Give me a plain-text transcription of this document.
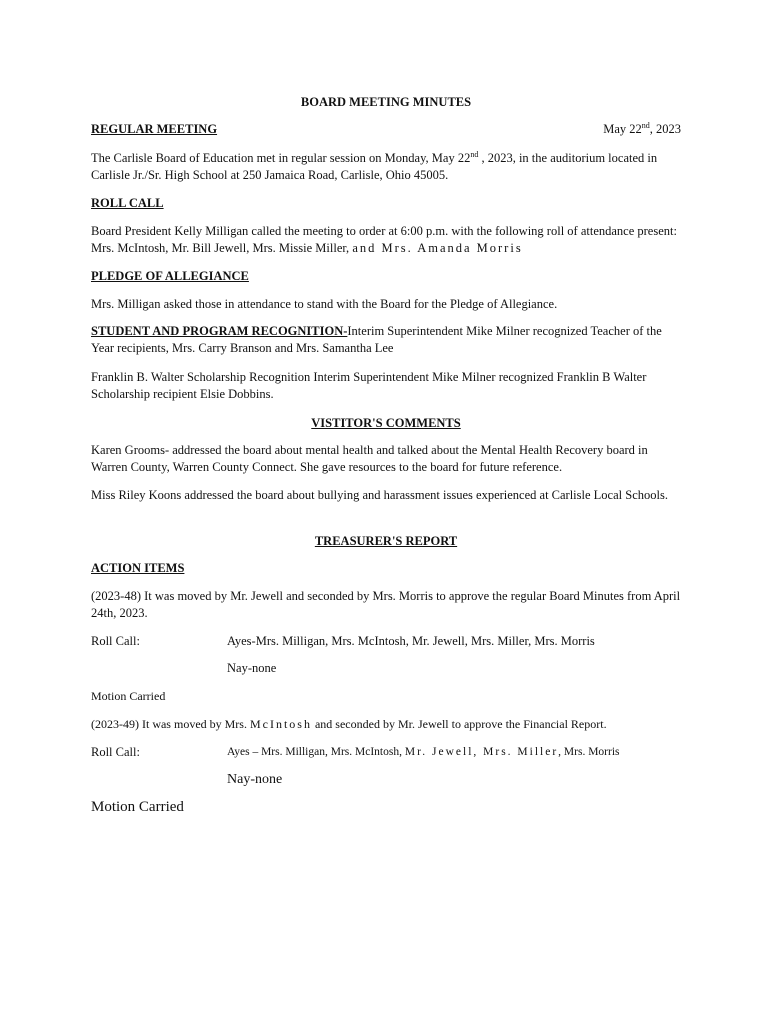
BOARD MEETING MINUTES
REGULAR MEETING	May 22nd, 2023
The Carlisle Board of Education met in regular session on Monday, May 22nd , 2023, in the auditorium located in Carlisle Jr./Sr. High School at 250 Jamaica Road, Carlisle, Ohio 45005.
ROLL CALL
Board President Kelly Milligan called the meeting to order at 6:00 p.m. with the following roll of attendance present: Mrs. McIntosh, Mr. Bill Jewell, Mrs. Missie Miller, and Mrs. Amanda Morris
PLEDGE OF ALLEGIANCE
Mrs. Milligan asked those in attendance to stand with the Board for the Pledge of Allegiance.
STUDENT AND PROGRAM RECOGNITION-Interim Superintendent Mike Milner recognized Teacher of the Year recipients, Mrs. Carry Branson and Mrs. Samantha Lee
Franklin B. Walter Scholarship Recognition Interim Superintendent Mike Milner recognized Franklin B Walter Scholarship recipient Elsie Dobbins.
VISTITOR'S COMMENTS
Karen Grooms- addressed the board about mental health and talked about the Mental Health Recovery board in Warren County, Warren County Connect. She gave resources to the board for future reference.
Miss Riley Koons addressed the board about bullying and harassment issues experienced at Carlisle Local Schools.
TREASURER'S REPORT
ACTION ITEMS
(2023-48) It was moved by Mr. Jewell and seconded by Mrs. Morris to approve the regular Board Minutes from April 24th, 2023.
Roll Call:	Ayes-Mrs. Milligan, Mrs. McIntosh, Mr. Jewell, Mrs. Miller, Mrs. Morris
Nay-none
Motion Carried
(2023-49) It was moved by Mrs. McIntosh and seconded by Mr. Jewell to approve the Financial Report.
Roll Call:	Ayes – Mrs. Milligan, Mrs. McIntosh, Mr. Jewell, Mrs. Miller, Mrs. Morris
Nay-none
Motion Carried
